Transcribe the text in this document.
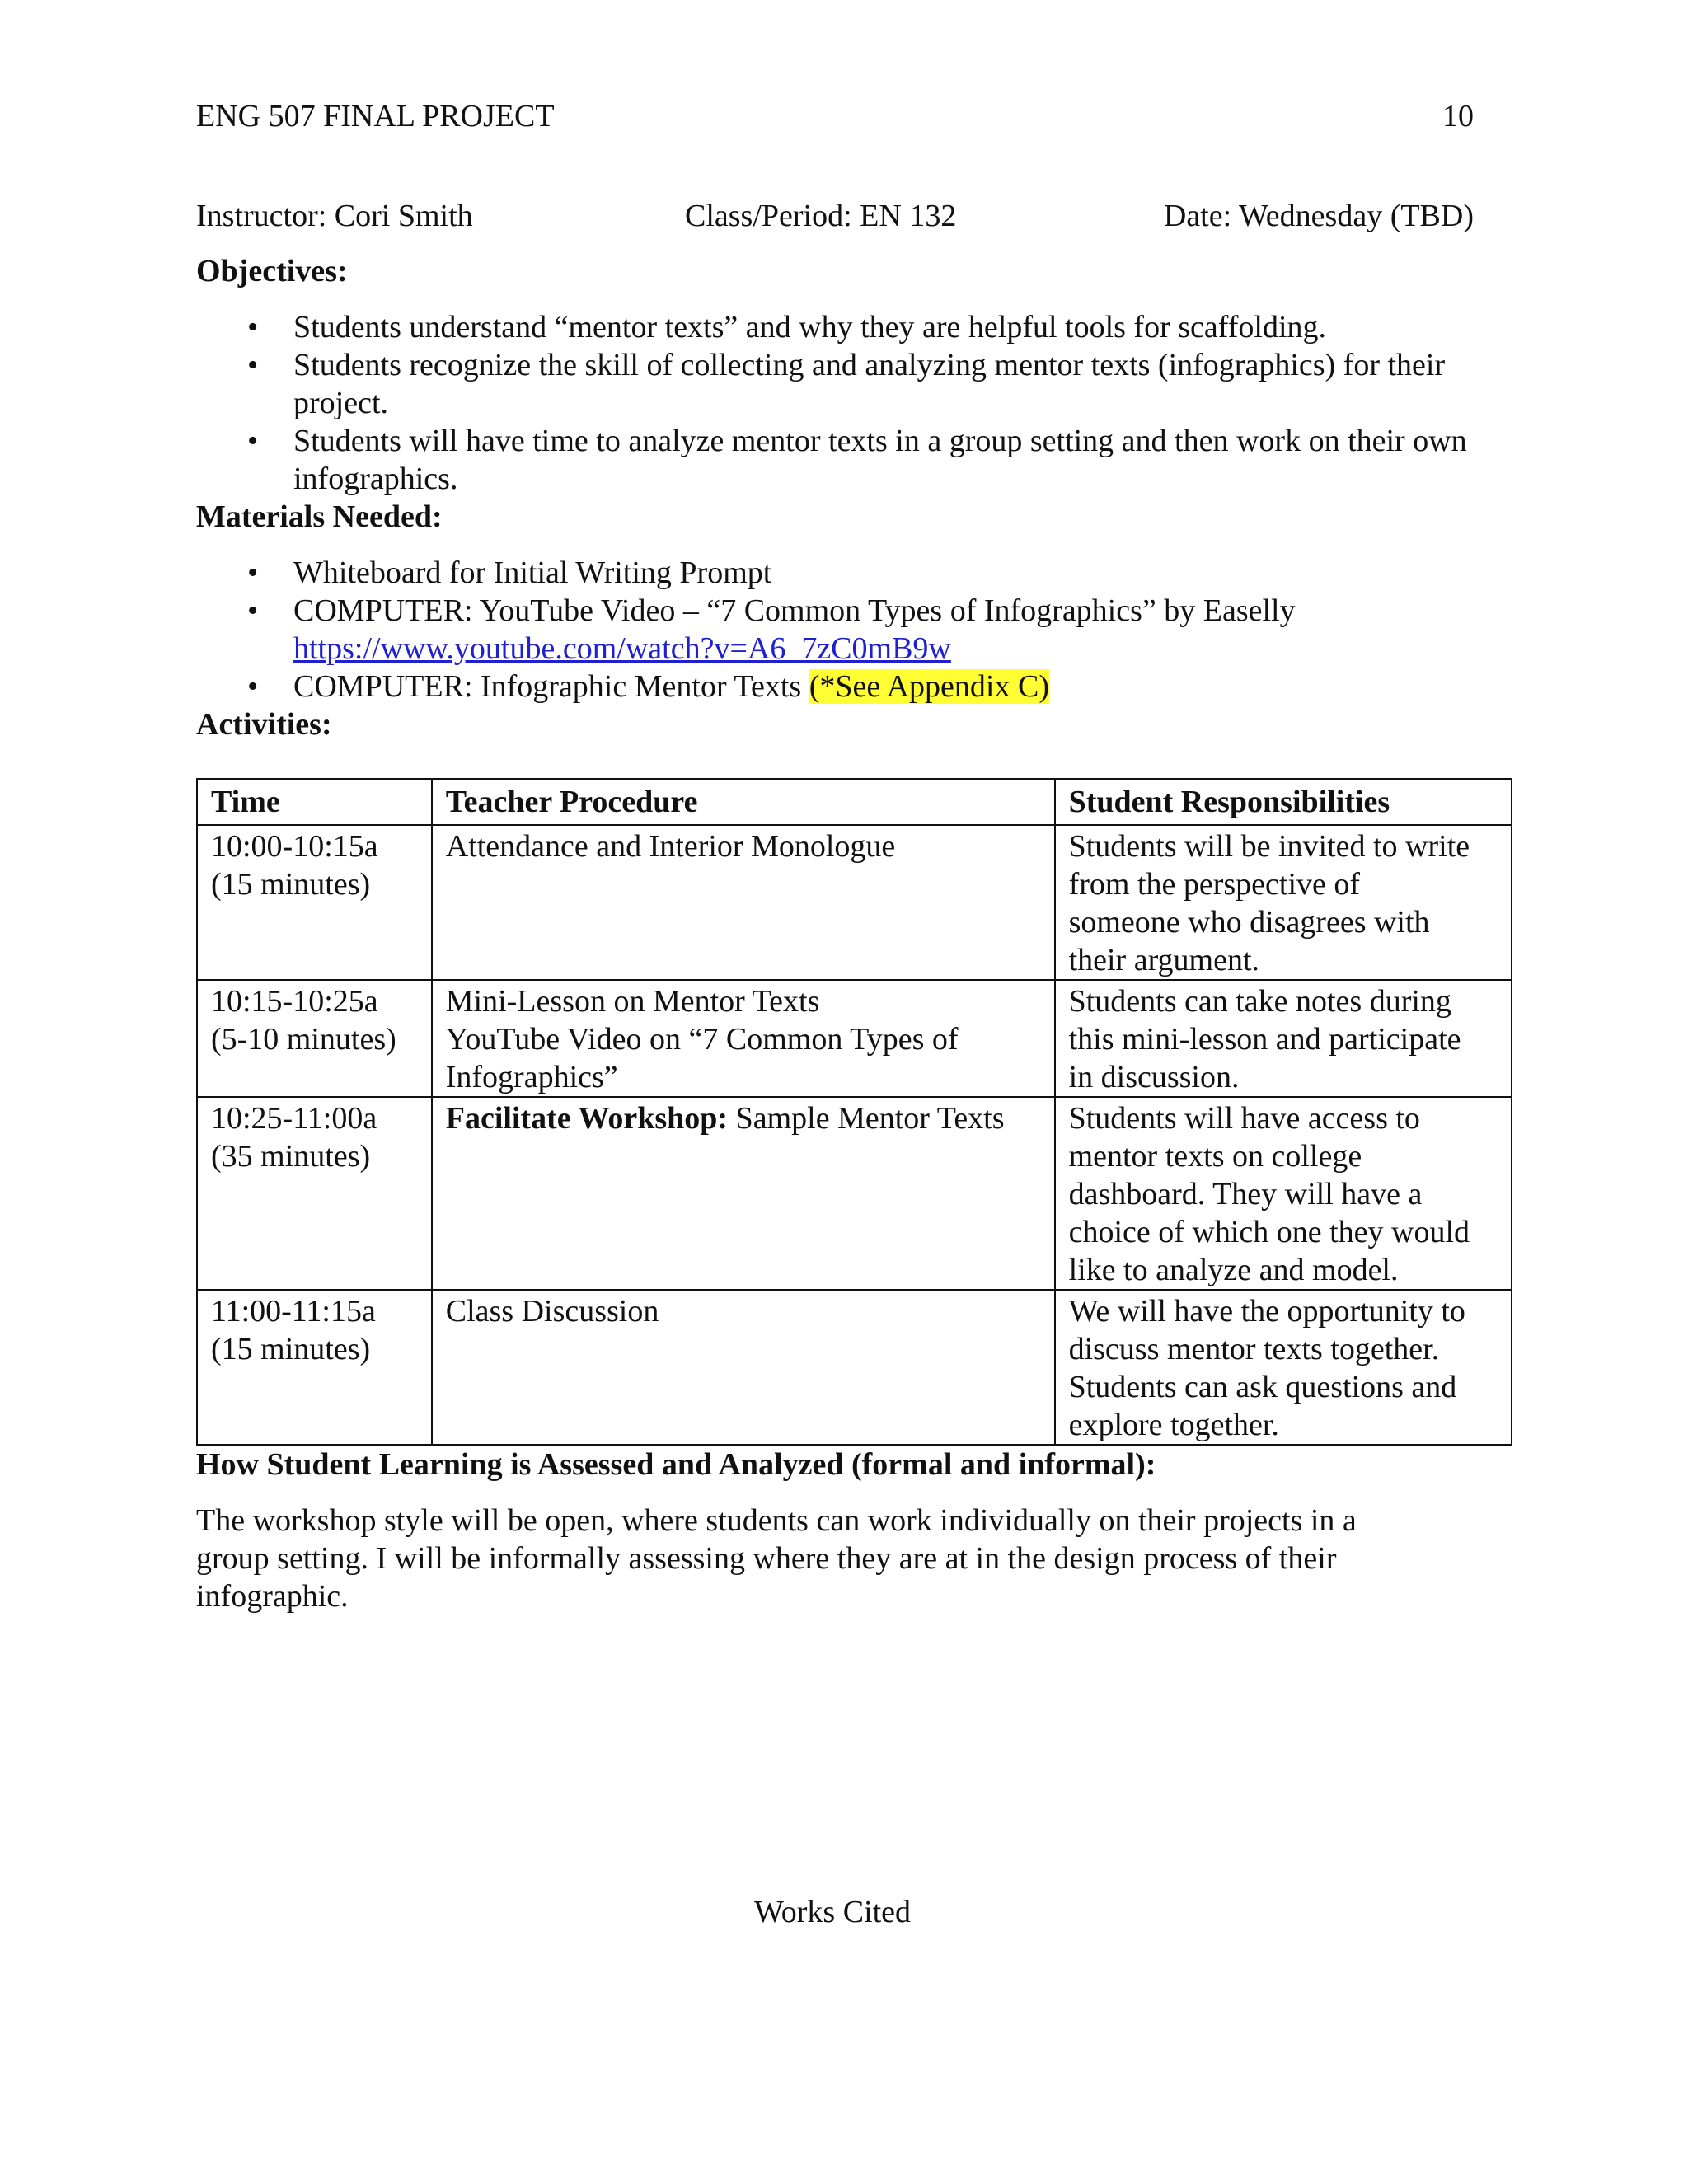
ENG 507 FINAL PROJECT	10
Instructor: Cori Smith	Class/Period: EN 132	Date: Wednesday (TBD)
Objectives:
• Students understand “mentor texts” and why they are helpful tools for scaffolding.
• Students recognize the skill of collecting and analyzing mentor texts (infographics) for their project.
• Students will have time to analyze mentor texts in a group setting and then work on their own infographics.
Materials Needed:
• Whiteboard for Initial Writing Prompt
• COMPUTER: YouTube Video – “7 Common Types of Infographics” by Easelly
https://www.youtube.com/watch?v=A6_7zC0mB9w
• COMPUTER: Infographic Mentor Texts (*See Appendix C)
Activities:
Time	Teacher Procedure	Student Responsibilities

10:00-10:15a
(15 minutes)	Attendance and Interior Monologue	Students will be invited to write
from the perspective of
someone who disagrees with
their argument.

10:15-10:25a
(5-10 minutes)	Mini-Lesson on Mentor Texts
YouTube Video on “7 Common Types of
Infographics”	Students can take notes during
this mini-lesson and participate
in discussion.

10:25-11:00a
(35 minutes)	Facilitate Workshop: Sample Mentor Texts	Students will have access to
mentor texts on college
dashboard. They will have a
choice of which one they would
like to analyze and model.

11:00-11:15a
(15 minutes)	Class Discussion	We will have the opportunity to
discuss mentor texts together.
Students can ask questions and
explore together.
How Student Learning is Assessed and Analyzed (formal and informal):

The workshop style will be open, where students can work individually on their projects in a
group setting. I will be informally assessing where they are at in the design process of their
infographic.

Works Cited
